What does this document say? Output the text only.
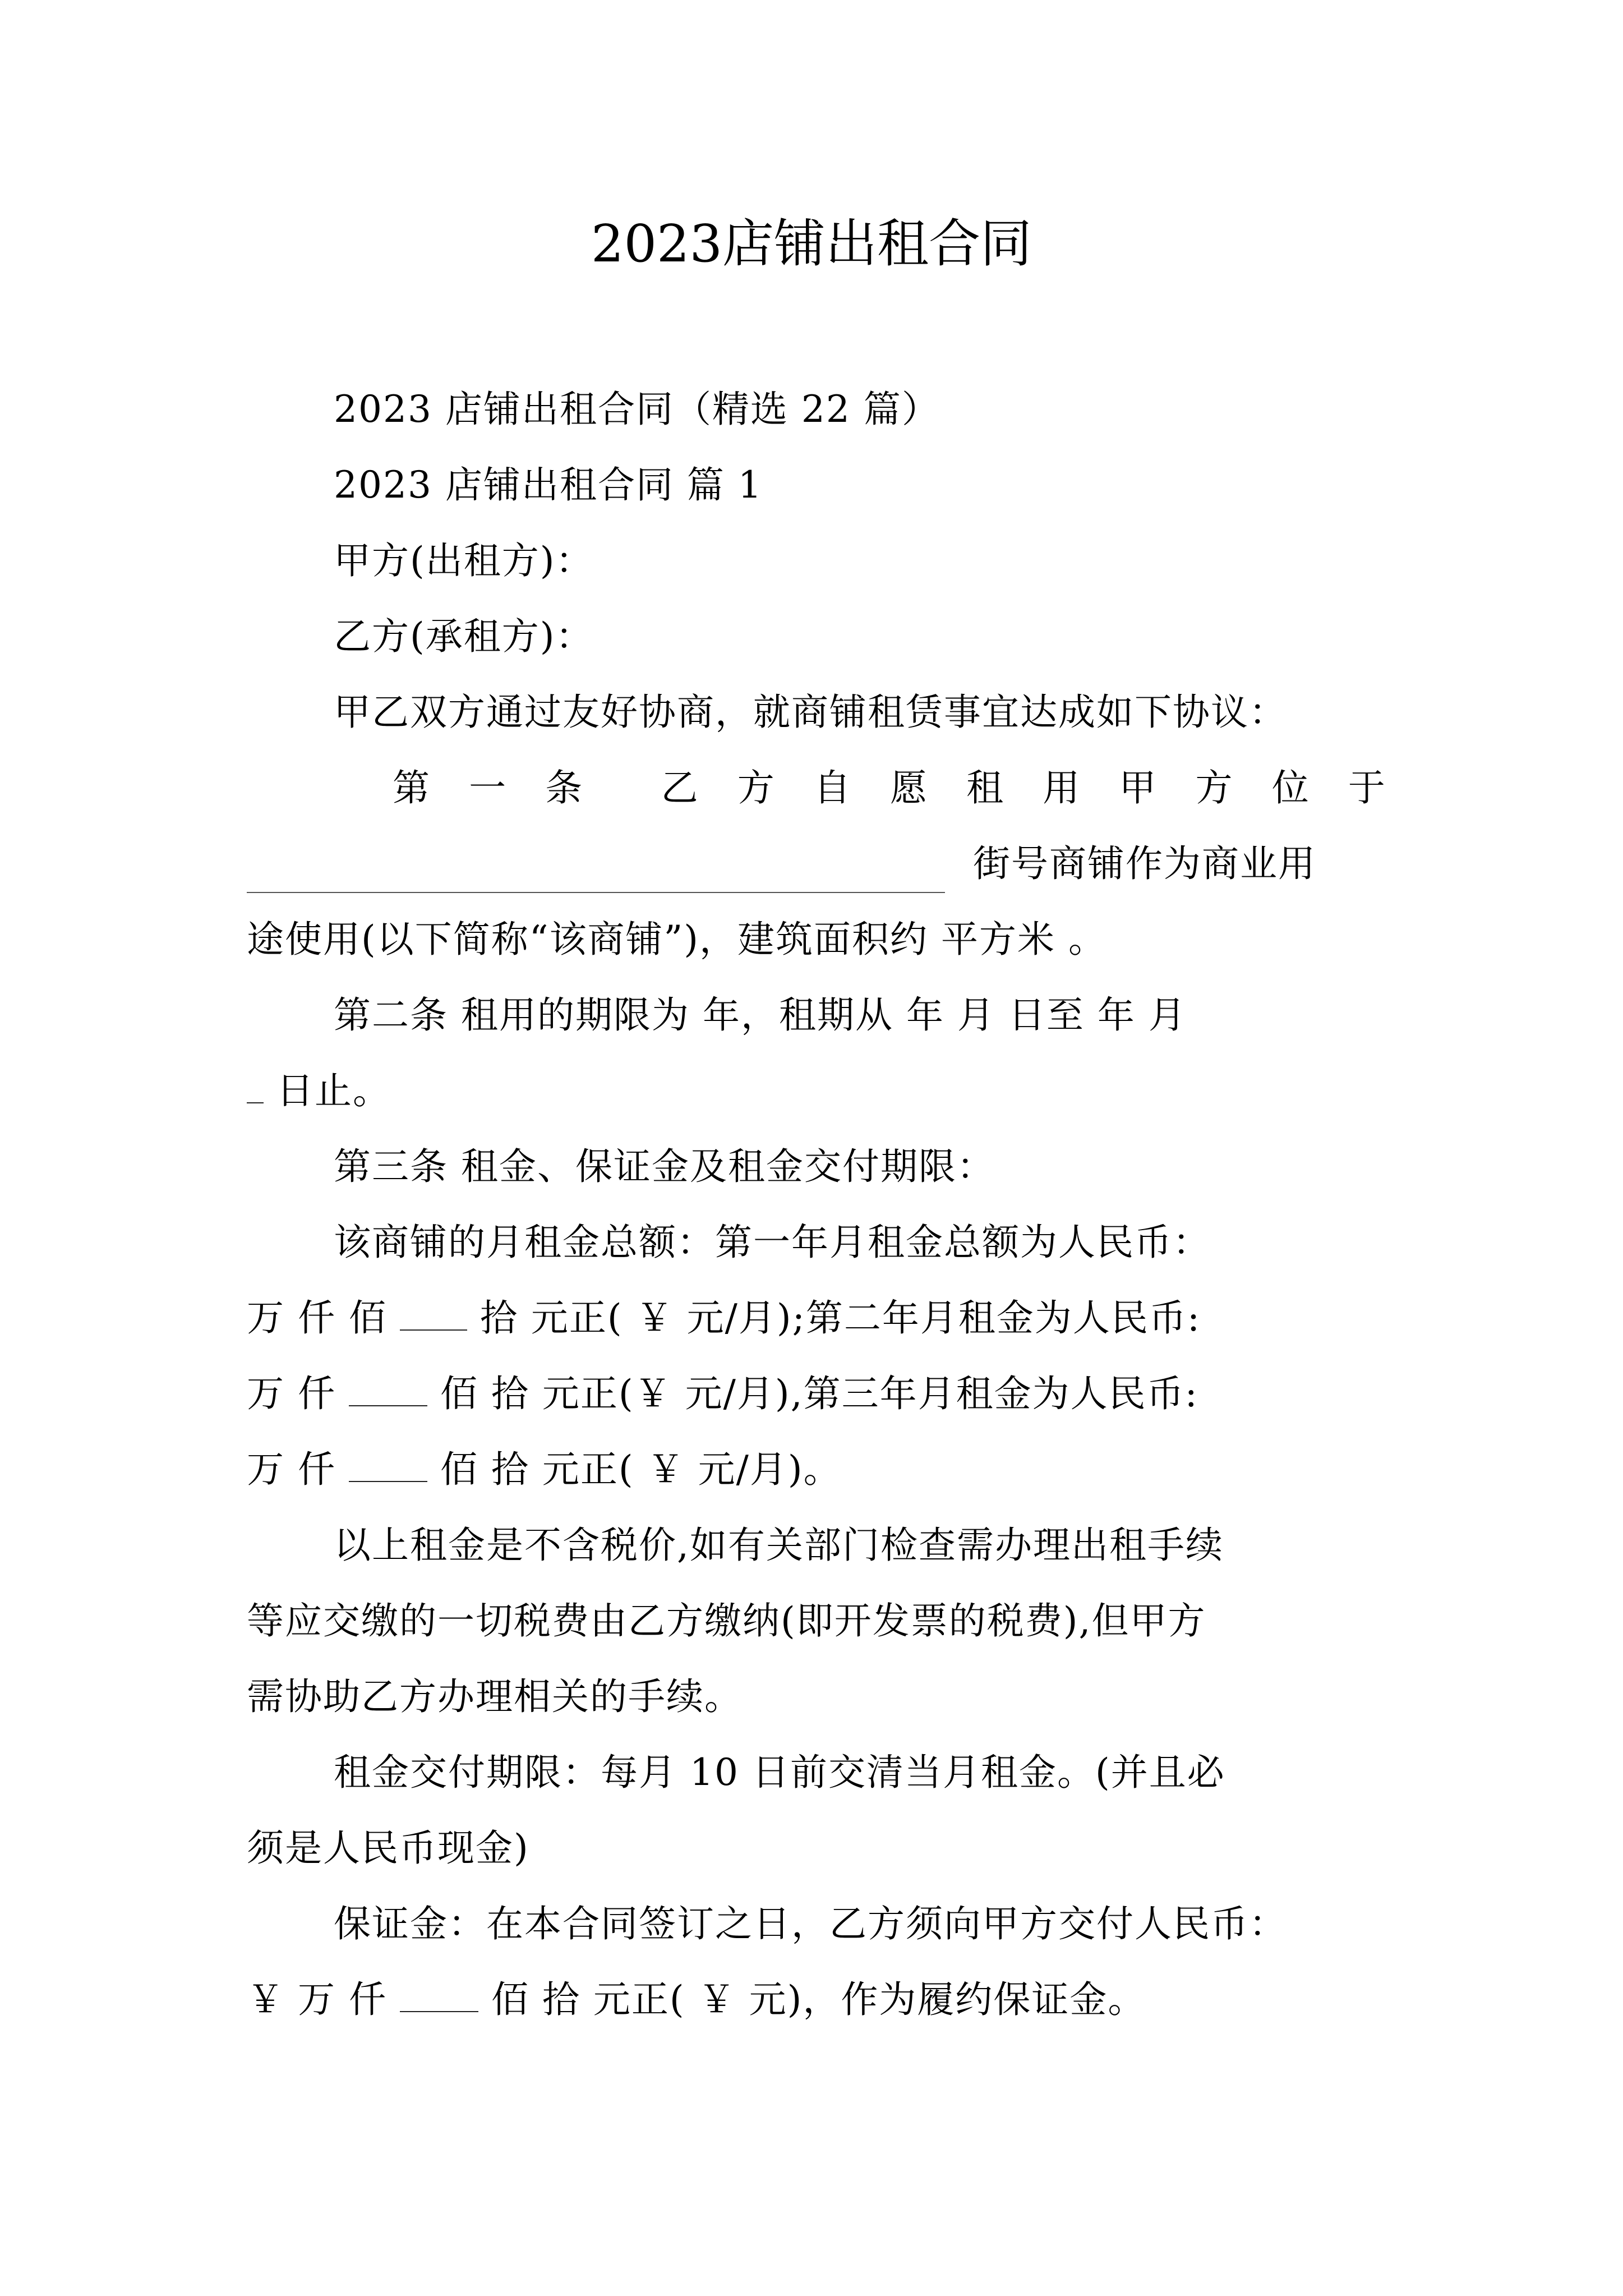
2023店铺出租合同
2023 店铺出租合同（精选 22 篇）
2023 店铺出租合同 篇 1
甲方(出租方)：
乙方(承租方)：
甲乙双方通过友好协商，就商铺租赁事宜达成如下协议：
第 一 条 乙 方 自 愿 租 用 甲 方 位 于
街号商铺作为商业用
途使用(以下简称“该商铺”)，建筑面积约 平方米 。
第二条 租用的期限为 年，租期从 年 月 日至 年 月
日止。
第三条 租金、保证金及租金交付期限：
该商铺的月租金总额：第一年月租金总额为人民币：
万 仟 佰	拾 元正( ￥ 元/月);第二年月租金为人民币:
万 仟	佰 拾 元正(￥ 元/月),第三年月租金为人民币:
万 仟	佰 拾 元正( ￥ 元/月)。
以上租金是不含税价,如有关部门检查需办理出租手续
等应交缴的一切税费由乙方缴纳(即开发票的税费),但甲方
需协助乙方办理相关的手续。
租金交付期限：每月 10 日前交清当月租金。(并且必
须是人民币现金)
保证金：在本合同签订之日，乙方须向甲方交付人民币：
￥ 万 仟	佰 拾 元正( ￥ 元)，作为履约保证金。
